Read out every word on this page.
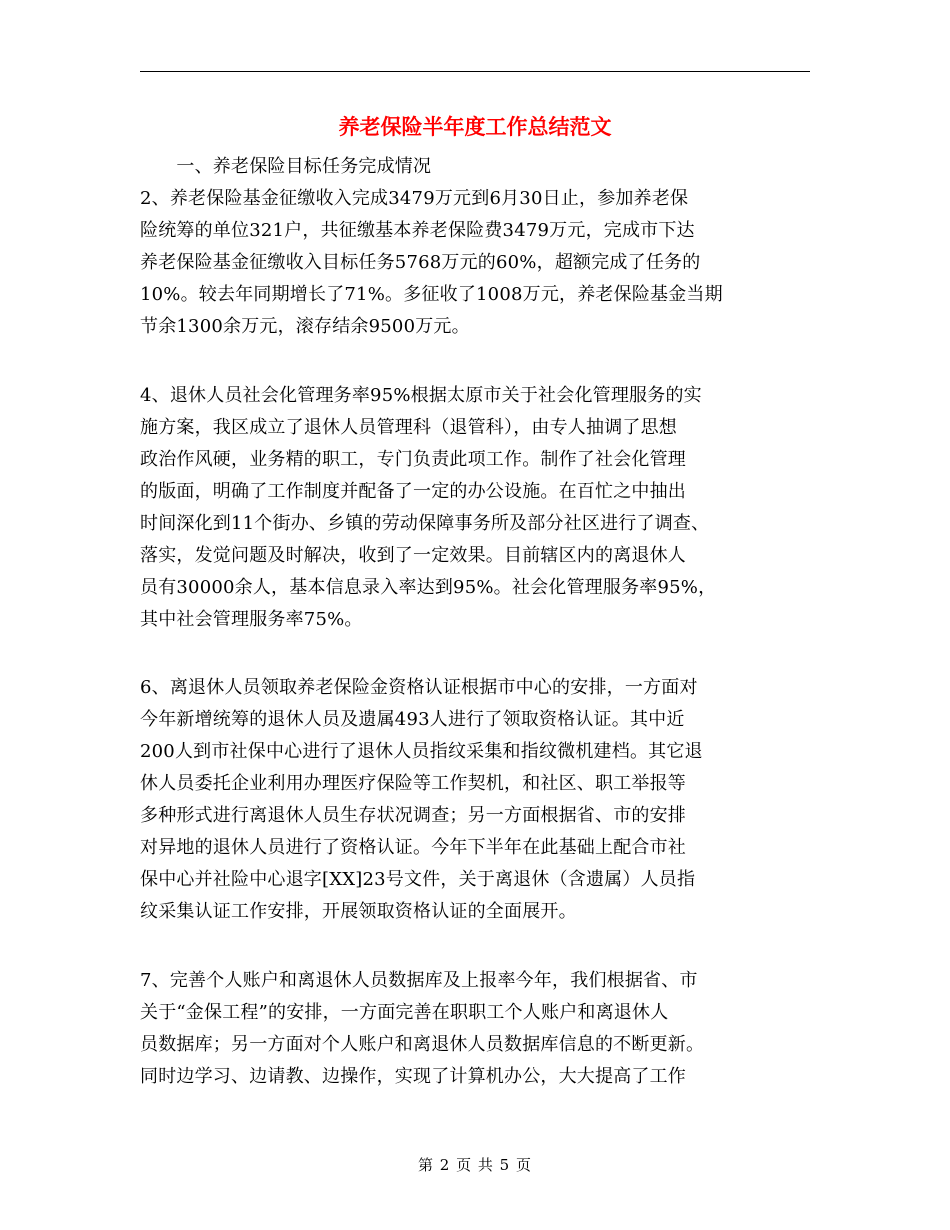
养老保险半年度工作总结范文
　　一、养老保险目标任务完成情况
2、养老保险基金征缴收入完成3479万元到6月30日止，参加养老保
险统筹的单位321户，共征缴基本养老保险费3479万元，完成市下达
养老保险基金征缴收入目标任务5768万元的60%，超额完成了任务的
10%。较去年同期增长了71%。多征收了1008万元，养老保险基金当期
节余1300余万元，滚存结余9500万元。
4、退休人员社会化管理务率95%根据太原市关于社会化管理服务的实
施方案，我区成立了退休人员管理科（退管科），由专人抽调了思想
政治作风硬，业务精的职工，专门负责此项工作。制作了社会化管理
的版面，明确了工作制度并配备了一定的办公设施。在百忙之中抽出
时间深化到11个街办、乡镇的劳动保障事务所及部分社区进行了调查、
落实，发觉问题及时解决，收到了一定效果。目前辖区内的离退休人
员有30000余人，基本信息录入率达到95%。社会化管理服务率95%，
其中社会管理服务率75%。
6、离退休人员领取养老保险金资格认证根据市中心的安排，一方面对
今年新增统筹的退休人员及遗属493人进行了领取资格认证。其中近
200人到市社保中心进行了退休人员指纹采集和指纹微机建档。其它退
休人员委托企业利用办理医疗保险等工作契机，和社区、职工举报等
多种形式进行离退休人员生存状况调查；另一方面根据省、市的安排
对异地的退休人员进行了资格认证。今年下半年在此基础上配合市社
保中心并社险中心退字[XX]23号文件，关于离退休（含遗属）人员指
纹采集认证工作安排，开展领取资格认证的全面展开。
7、完善个人账户和离退休人员数据库及上报率今年，我们根据省、市
关于“金保工程”的安排，一方面完善在职职工个人账户和离退休人
员数据库；另一方面对个人账户和离退休人员数据库信息的不断更新。
同时边学习、边请教、边操作，实现了计算机办公，大大提高了工作
第 2 页 共 5 页
